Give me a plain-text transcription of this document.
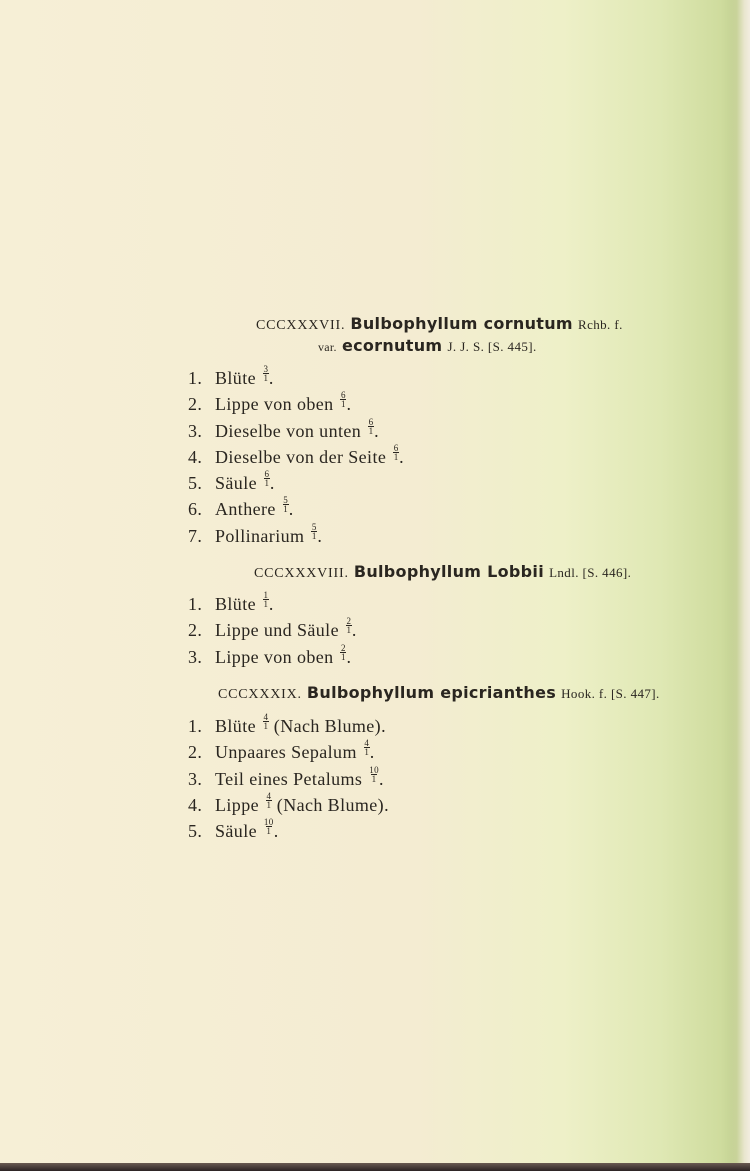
CCCXXXVII. Bulbophyllum cornutum Rchb. f.
var. ecornutum J. J. S. [S. 445].
1. Blüte $\frac{3}{1}$ .
2. Lippe von oben $\frac{6}{1}$ .
3. Dieselbe von unten $\frac{6}{1}$ .
4. Dieselbe von der Seite $\frac{6}{1}$ .
5. Säule $\frac{6}{1}$ .
6. Anthere $\frac{5}{1}$ .
7. Pollinarium $\frac{5}{1}$ .
CCCXXXVIII. Bulbophyllum Lobbii Lndl. [S. 446].
1. Blüte $\frac{1}{1}$ .
2. Lippe und Säule $\frac{2}{1}$ .
3. Lippe von oben $\frac{2}{1}$ .
CCCXXXIX. Bulbophyllum epicrianthes Hook. f. [S. 447].
1. Blüte $\frac{4}{1}$ (Nach Blume).
2. Unpaares Sepalum $\frac{4}{1}$ .
3. Teil eines Petalums $\frac{10}{1}$ .
4. Lippe $\frac{4}{1}$ (Nach Blume).
5. Säule $\frac{10}{1}$ .
